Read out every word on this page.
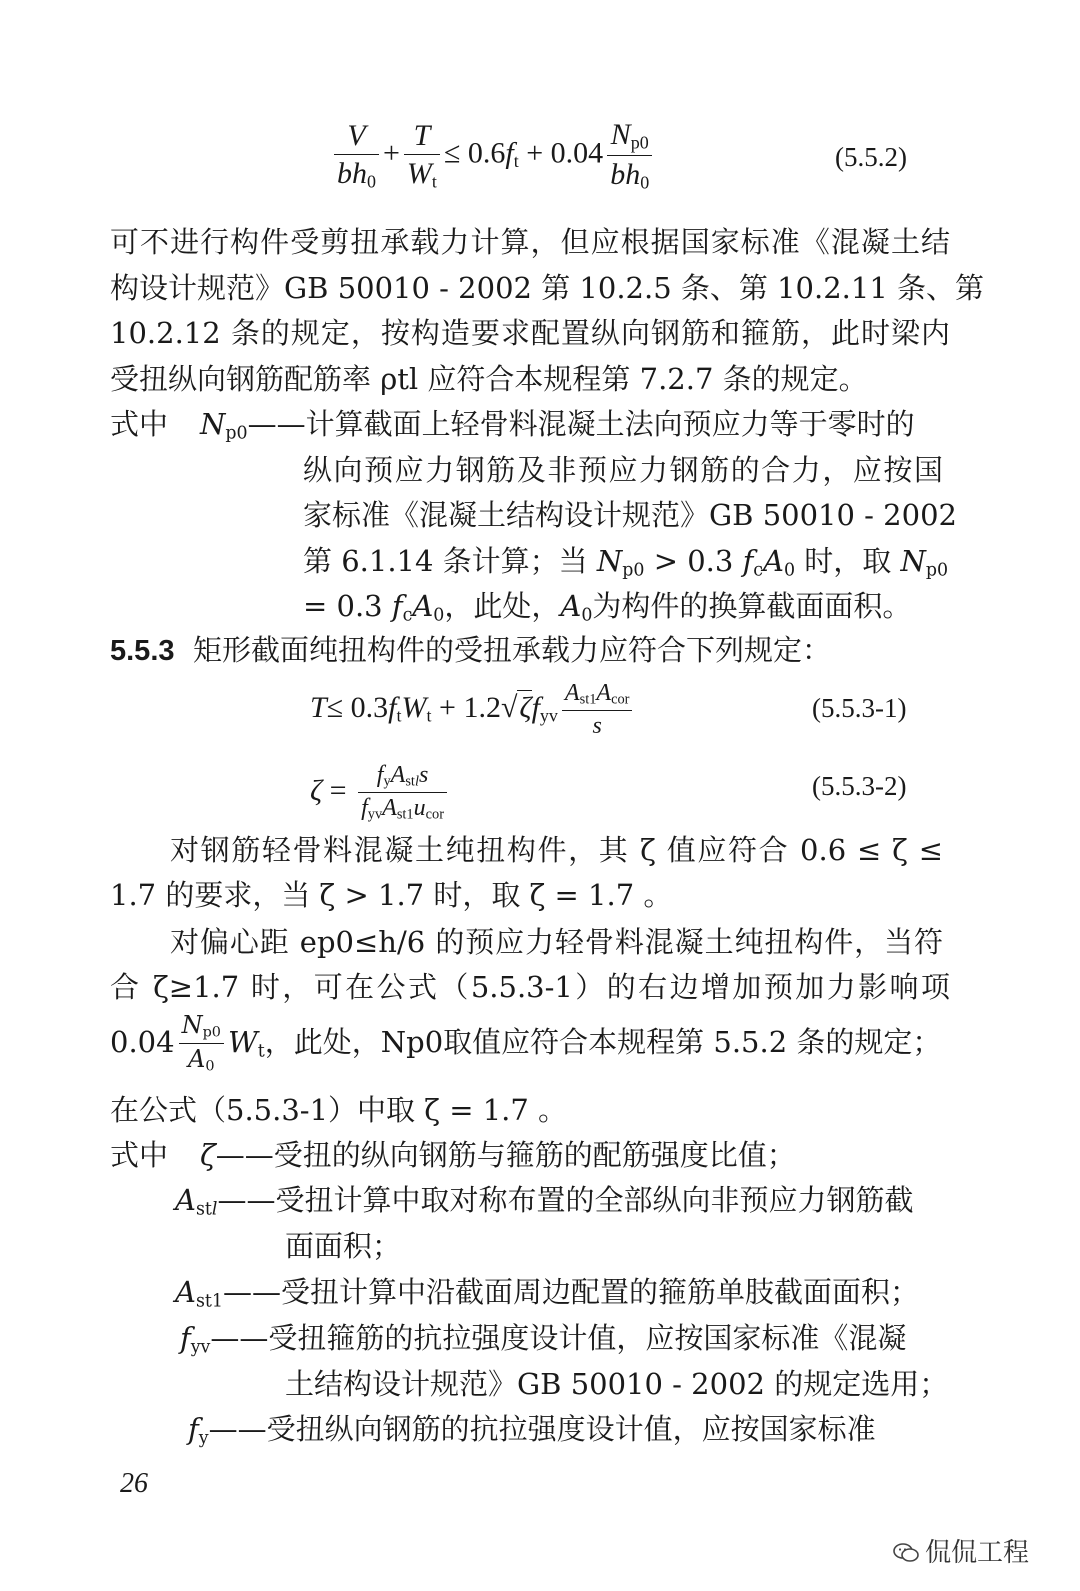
$\frac{V}{bh_0} + \frac{T}{W_t} \le 0.6f_t + 0.04 \frac{N_{p0}}{bh_0}$	(5.5.2)
可不进行构件受剪扭承载力计算，但应根据国家标准《混凝土结
构设计规范》GB 50010 - 2002 第 10.2.5 条、第 10.2.11 条、第
10.2.12 条的规定，按构造要求配置纵向钢筋和箍筋，此时梁内
受扭纵向钢筋配筋率 ρtl 应符合本规程第 7.2.7 条的规定。
式中	$N_{p0}——$计算截面上轻骨料混凝土法向预应力等于零时的
纵向预应力钢筋及非预应力钢筋的合力，应按国
家标准《混凝土结构设计规范》GB 50010 - 2002
第 6.1.14 条计算；当 $N_{p0} > 0.3$ $f_cA_0$ 时，取 $N_{p0}$
= 0.3 $f_cA_0$，此处，$A_0$为构件的换算截面面积。
5.5.3 矩形截面纯扭构件的受扭承载力应符合下列规定：
$T\le 0.3f_tW_t + 1.2√\zeta f_{yv} \frac{A_{st1}A_{cor}}{s}$	(5.5.3-1)
$\zeta = \frac{f_yA_{stl}s}{f_{yv}A_{st1}u_{cor}}$	(5.5.3-2)
对钢筋轻骨料混凝土纯扭构件，其 ζ 值应符合 0.6 ≤ ζ ≤
1.7 的要求，当 ζ > 1.7 时，取 ζ = 1.7 。
对偏心距 ep0≤h/6 的预应力轻骨料混凝土纯扭构件，当符
合 ζ≥1.7 时，可在公式（5.5.3-1）的右边增加预加力影响项
$0.04 \frac{N_{p0}}{A_0} W_t$，此处，Np0取值应符合本规程第 5.5.2 条的规定；
在公式（5.5.3-1）中取 ζ = 1.7 。
式中	ζ——受扭的纵向钢筋与箍筋的配筋强度比值；
$A_{stl}——$受扭计算中取对称布置的全部纵向非预应力钢筋截
面面积；
$A_{st1}——$受扭计算中沿截面周边配置的箍筋单肢截面面积；
$f_{yv}——$受扭箍筋的抗拉强度设计值，应按国家标准《混凝
土结构设计规范》GB 50010 - 2002 的规定选用；
$f_y——$受扭纵向钢筋的抗拉强度设计值，应按国家标准
26
侃侃工程
